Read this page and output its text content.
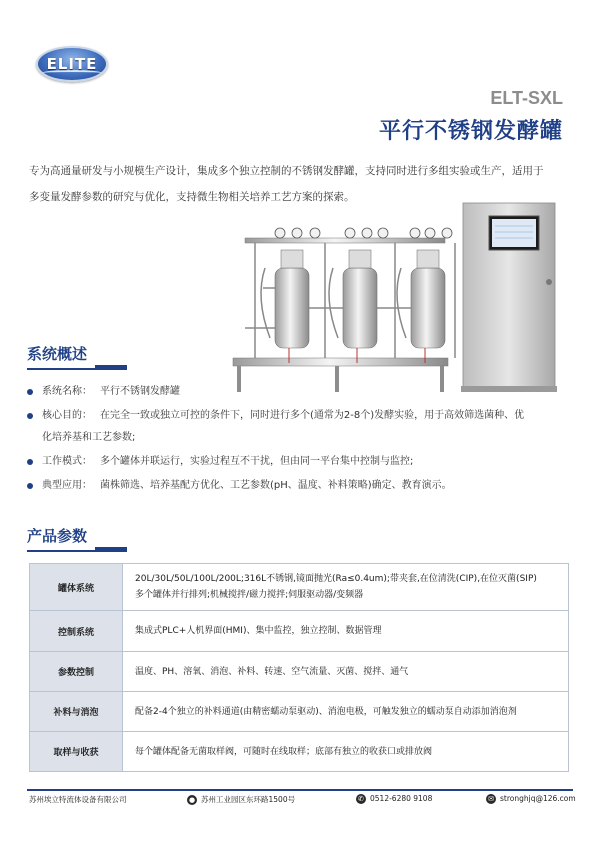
ELITE
ELT-SXL
平行不锈钢发酵罐
专为高通量研发与小规模生产设计，集成多个独立控制的不锈钢发酵罐，支持同时进行多组实验或生产，适用于
多变量发酵参数的研究与优化，支持微生物相关培养工艺方案的探索。
系统概述
系统名称： 平行不锈钢发酵罐
核心目的： 在完全一致或独立可控的条件下，同时进行多个(通常为2-8个)发酵实验，用于高效筛选菌种、优
化培养基和工艺参数;
工作模式： 多个罐体并联运行，实验过程互不干扰，但由同一平台集中控制与监控;
典型应用： 菌株筛选、培养基配方优化、工艺参数(pH、温度、补料策略)确定、教育演示。
产品参数
罐体系统	20L/30L/50L/100L/200L;316L不锈钢,镜面抛光(Ra≤0.4um);带夹套,在位清洗(CIP),在位灭菌(SIP)
多个罐体并行排列;机械搅拌/磁力搅拌;伺服驱动器/变频器

控制系统	集成式PLC+人机界面(HMI)、集中监控，独立控制、数据管理

参数控制	温度、PH、溶氧、消泡、补料、转速、空气流量、灭菌、搅拌、通气

补料与消泡	配备2-4个独立的补料通道(由精密蠕动泵驱动)、消泡电极，可触发独立的蠕动泵自动添加消泡剂

取样与收获	每个罐体配备无菌取样阀，可随时在线取样；底部有独立的收获口或排放阀
苏州埃立特流体设备有限公司	● 苏州工业园区东环路1500号	✆ 0512-6280 9108	✉ stronghjq@126.com
